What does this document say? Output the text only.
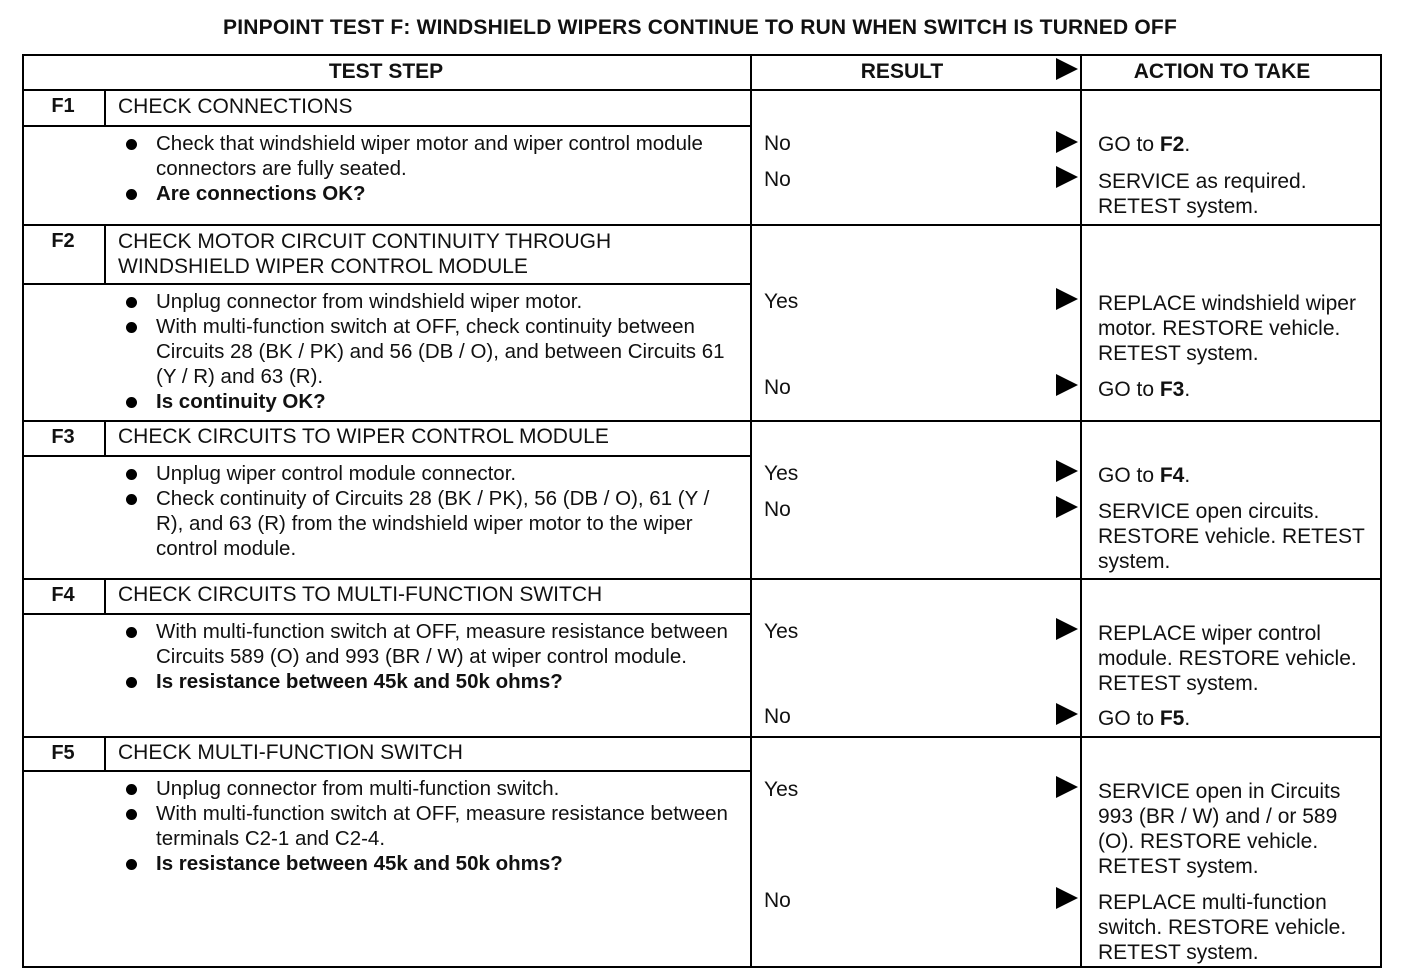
PINPOINT TEST F: WINDSHIELD WIPERS CONTINUE TO RUN WHEN SWITCH IS TURNED OFF
TEST STEP	RESULT	ACTION TO TAKE
F1	CHECK CONNECTIONS
Check that windshield wiper motor and wiper control module connectors are fully seated.
Are connections OK?
No	GO to F2.
No	SERVICE as required. RETEST system.
F2	CHECK MOTOR CIRCUIT CONTINUITY THROUGH
WINDSHIELD WIPER CONTROL MODULE
Unplug connector from windshield wiper motor.
With multi-function switch at OFF, check continuity between Circuits 28 (BK / PK) and 56 (DB / O), and between Circuits 61 (Y / R) and 63 (R).
Is continuity OK?
Yes	REPLACE windshield wiper motor. RESTORE vehicle. RETEST system.
No	GO to F3.
F3	CHECK CIRCUITS TO WIPER CONTROL MODULE
Unplug wiper control module connector.
Check continuity of Circuits 28 (BK / PK), 56 (DB / O), 61 (Y / R), and 63 (R) from the windshield wiper motor to the wiper control module.
Yes	GO to F4.
No	SERVICE open circuits. RESTORE vehicle. RETEST system.
F4	CHECK CIRCUITS TO MULTI-FUNCTION SWITCH
With multi-function switch at OFF, measure resistance between Circuits 589 (O) and 993 (BR / W) at wiper control module.
Is resistance between 45k and 50k ohms?
Yes	REPLACE wiper control module. RESTORE vehicle. RETEST system.
No	GO to F5.
F5	CHECK MULTI-FUNCTION SWITCH
Unplug connector from multi-function switch.
With multi-function switch at OFF, measure resistance between terminals C2-1 and C2-4.
Is resistance between 45k and 50k ohms?
Yes	SERVICE open in Circuits 993 (BR / W) and / or 589 (O). RESTORE vehicle. RETEST system.
No	REPLACE multi-function switch. RESTORE vehicle. RETEST system.
